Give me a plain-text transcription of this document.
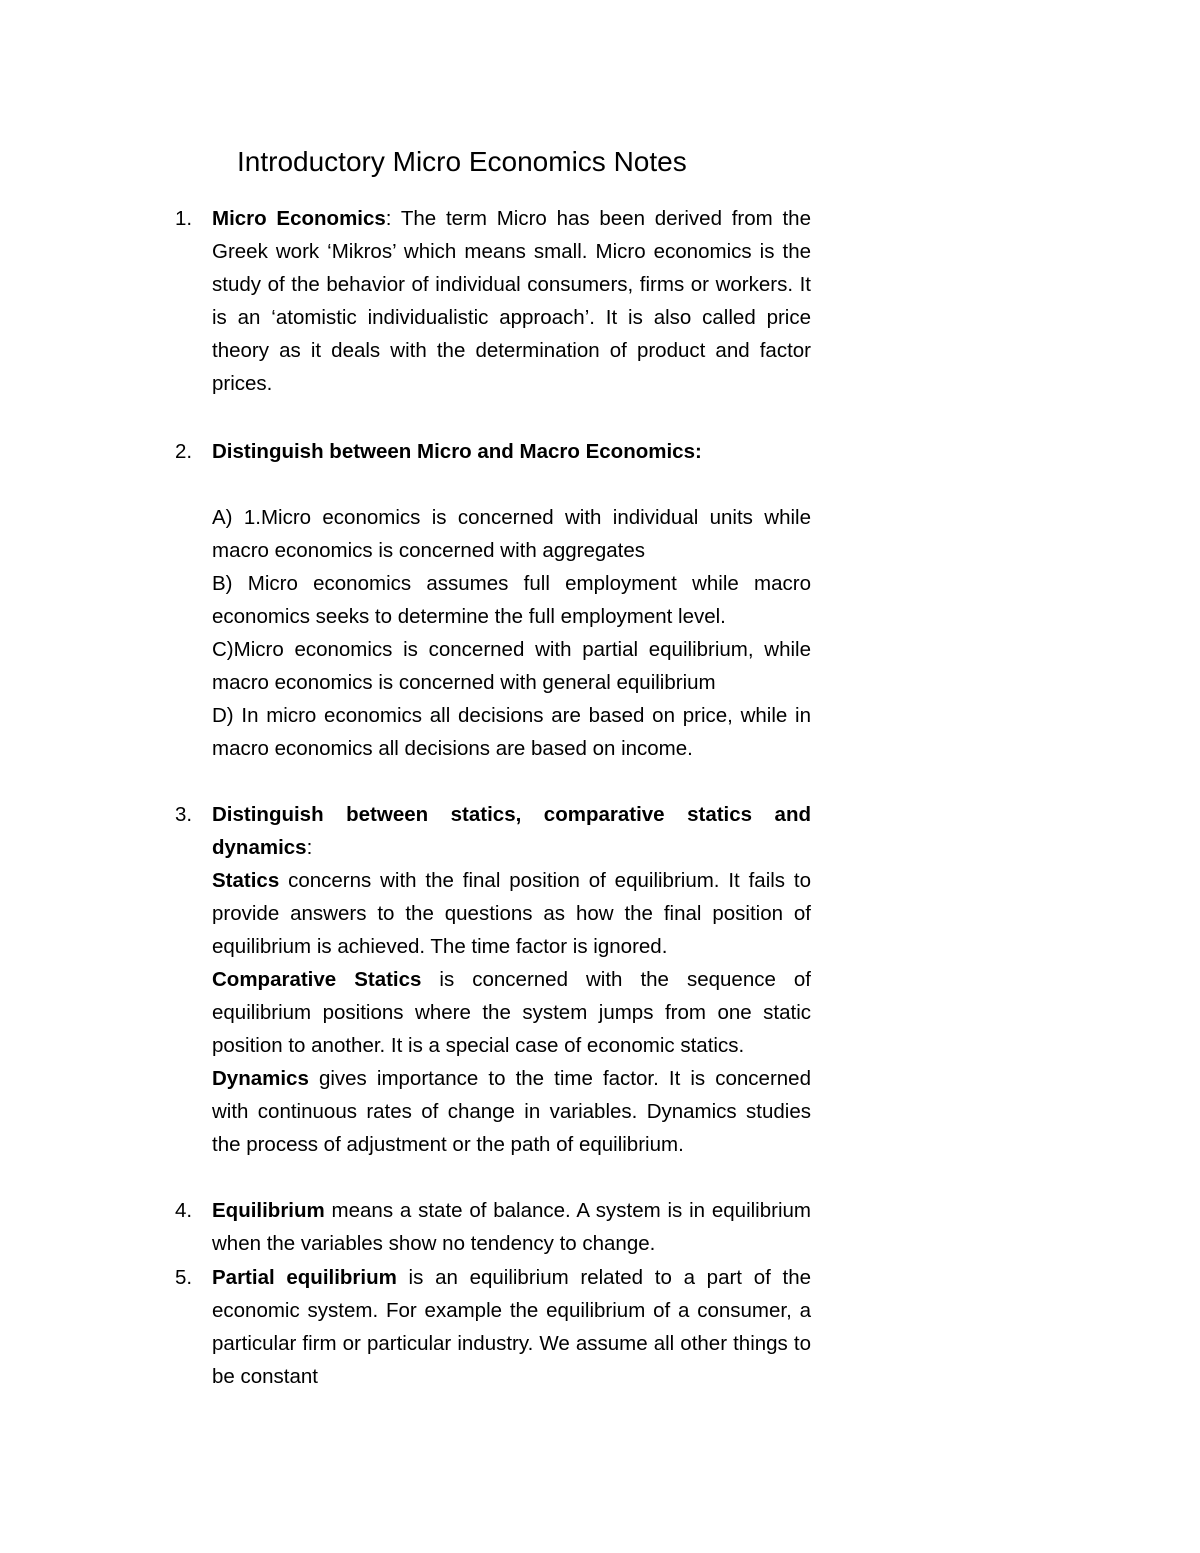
Introductory Micro Economics Notes
1. Micro Economics: The term Micro has been derived from the Greek work ‘Mikros’ which means small. Micro economics is the study of the behavior of individual consumers, firms or workers. It is an ‘atomistic individualistic approach’. It is also called price theory as it deals with the determination of product and factor prices.
2. Distinguish between Micro and Macro Economics:

A) 1.Micro economics is concerned with individual units while macro economics is concerned with aggregates

B) Micro economics assumes full employment while macro economics seeks to determine the full employment level.

C)Micro economics is concerned with partial equilibrium, while macro economics is concerned with general equilibrium

D) In micro economics all decisions are based on price, while in macro economics all decisions are based on income.

3. Distinguish between statics, comparative statics and
dynamics:

Statics concerns with the final position of equilibrium. It fails to provide answers to the questions as how the final position of equilibrium is achieved. The time factor is ignored.

Comparative Statics is concerned with the sequence of equilibrium positions where the system jumps from one static position to another. It is a special case of economic statics.

Dynamics gives importance to the time factor. It is concerned with continuous rates of change in variables. Dynamics studies the process of adjustment or the path of equilibrium.

4. Equilibrium means a state of balance. A system is in equilibrium when the variables show no tendency to change.
5. Partial equilibrium is an equilibrium related to a part of the economic system. For example the equilibrium of a consumer, a particular firm or particular industry. We assume all other things to be constant
